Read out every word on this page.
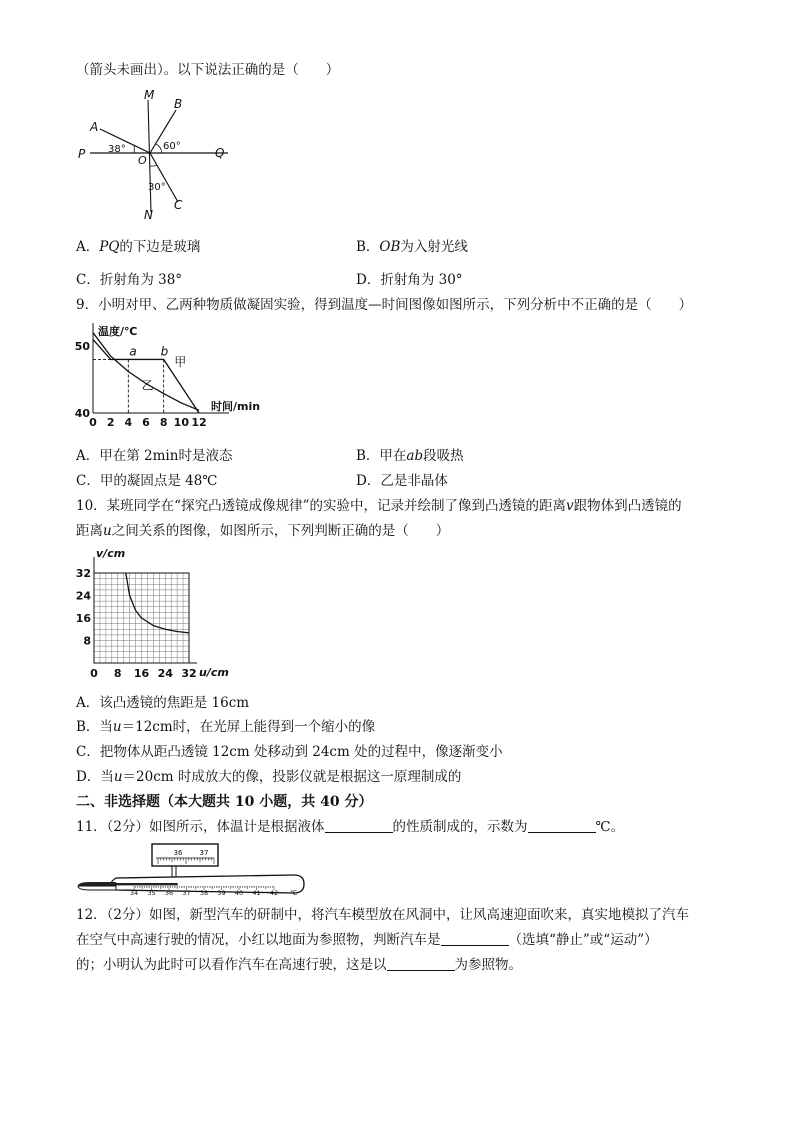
（箭头未画出）。以下说法正确的是（　　）
M
B
A
P	Q
O
N
C
38°	60°
30°
A．PQ的下边是玻璃	B．OB为入射光线
C．折射角为 38°	D．折射角为 30°
9．小明对甲、乙两种物质做凝固实验，得到温度—时间图像如图所示，下列分析中不正确的是（　　）
温度/℃
时间/min
0 2 4 6 8 10 12
40
50	a b
甲
乙
A．甲在第 2min时是液态	B．甲在ab段吸热
C．甲的凝固点是 48℃	D．乙是非晶体
10．某班同学在“探究凸透镜成像规律”的实验中，记录并绘制了像到凸透镜的距离v跟物体到凸透镜的
距离u之间关系的图像，如图所示，下列判断正确的是（　　）
v/cm
u/cm
0 8 16 24 32
8
16
24
32
A．该凸透镜的焦距是 16cm
B．当u＝12cm时，在光屏上能得到一个缩小的像
C．把物体从距凸透镜 12cm 处移动到 24cm 处的过程中，像逐渐变小
D．当u＝20cm 时成放大的像，投影仪就是根据这一原理制成的
二、非选择题（本大题共 10 小题，共 40 分）
11．（2分）如图所示，体温计是根据液体	的性质制成的，示数为	℃。
36 37
34 35 36 37 38 39 40 41 42 ℃
12．（2分）如图，新型汽车的研制中，将汽车模型放在风洞中，让风高速迎面吹来，真实地模拟了汽车
在空气中高速行驶的情况，小红以地面为参照物，判断汽车是	（选填“静止”或“运动”）
的；小明认为此时可以看作汽车在高速行驶，这是以	为参照物。
